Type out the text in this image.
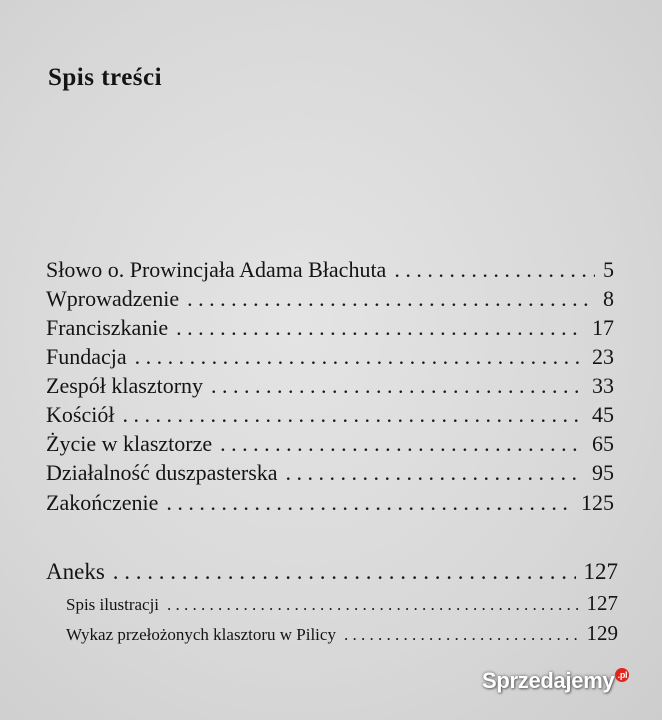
Spis treści
Słowo o. Prowincjała Adama Błachuta . . .	5
Wprowadzenie . . .	8
Franciszkanie . . .	17
Fundacja . . .	23
Zespół klasztorny . . .	33
Kościół . . .	45
Życie w klasztorze . . .	65
Działalność duszpasterska . . .	95
Zakończenie . . .	125
Aneks . . .	127
Spis ilustracji . . .	127
Wykaz przełożonych klasztoru w Pilicy . . .	129
Sprzedajemy .pl
